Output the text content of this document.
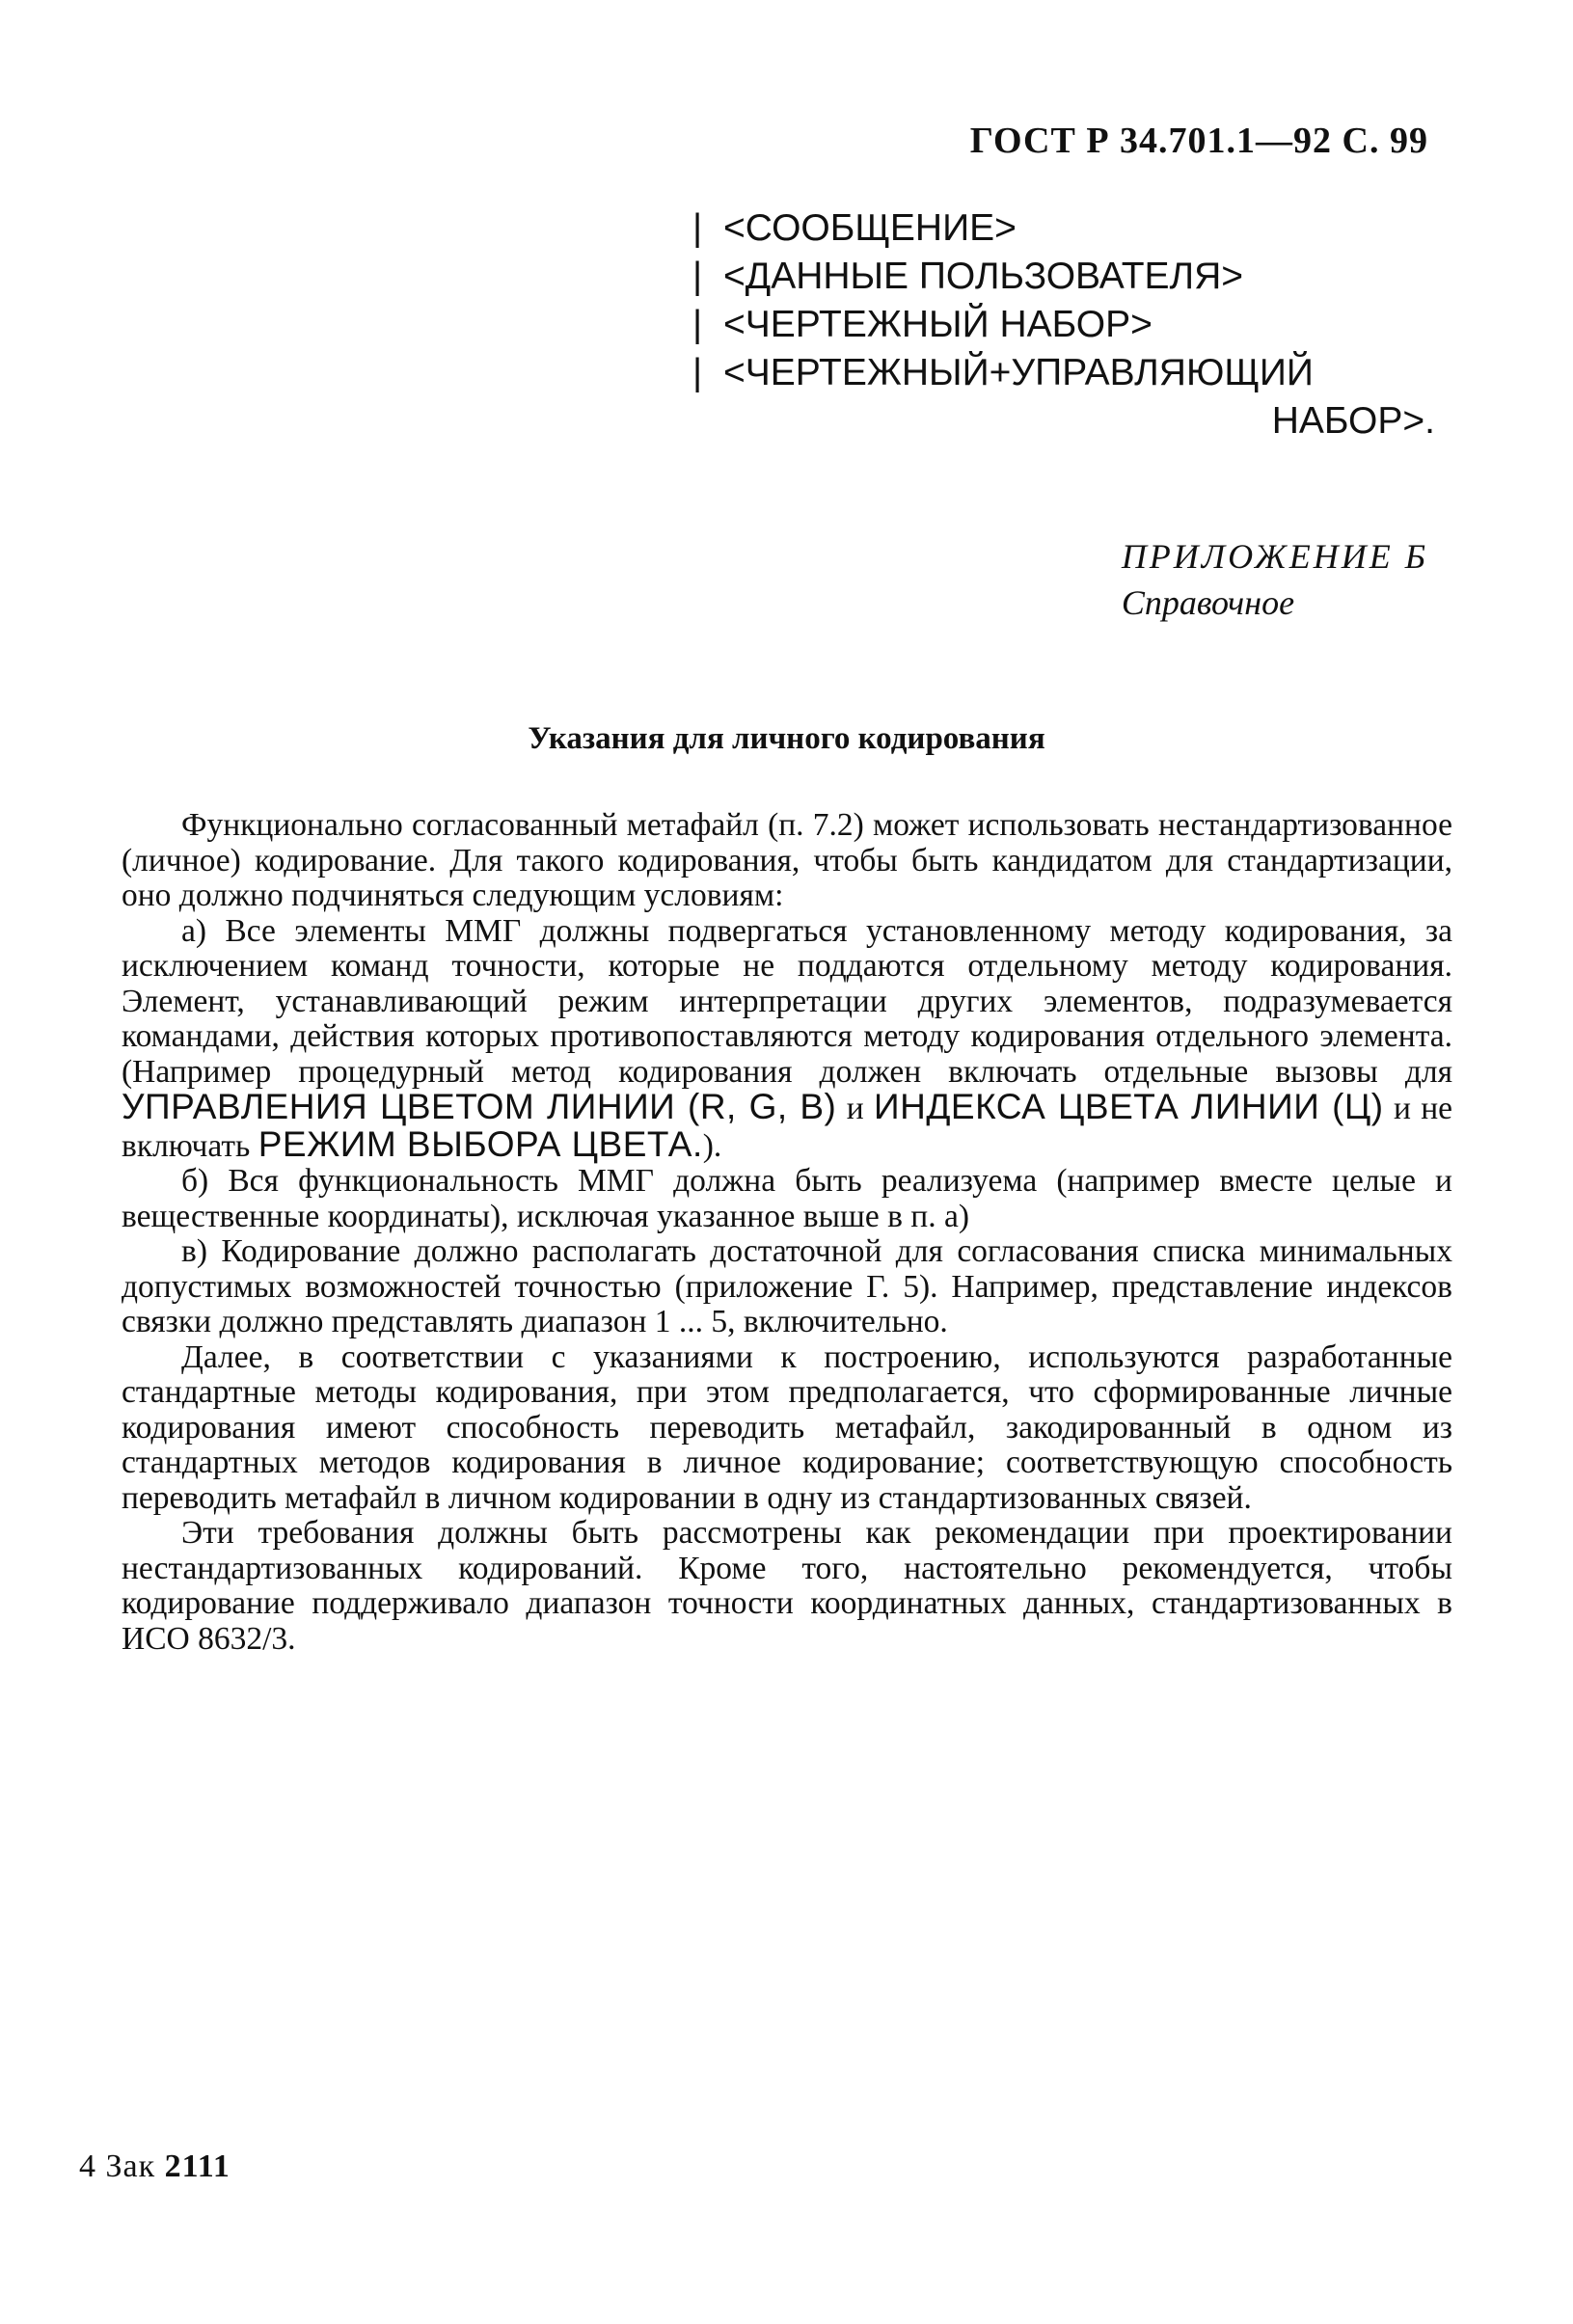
ГОСТ Р 34.701.1—92 С. 99
| <СООБЩЕНИЕ>
| <ДАННЫЕ ПОЛЬЗОВАТЕЛЯ>
| <ЧЕРТЕЖНЫЙ НАБОР>
| <ЧЕРТЕЖНЫЙ+УПРАВЛЯЮЩИЙ
НАБОР>.
ПРИЛОЖЕНИЕ Б
Справочное
Указания для личного кодирования

Функционально согласованный метафайл (п. 7.2) может использовать нестандартизованное (личное) кодирование. Для такого кодирования, чтобы быть кандидатом для стандартизации, оно должно подчиняться следующим условиям:

а) Все элементы ММГ должны подвергаться установленному методу кодирования, за исключением команд точности, которые не поддаются отдельному методу кодирования. Элемент, устанавливающий режим интерпретации других элементов, подразумевается командами, действия которых противопоставляются методу кодирования отдельного элемента. (Например процедурный метод кодирования должен включать отдельные вызовы для УПРАВЛЕНИЯ ЦВЕТОМ ЛИНИИ (R, G, B) и ИНДЕКСА ЦВЕТА ЛИНИИ (Ц) и не включать РЕЖИМ ВЫБОРА ЦВЕТА.).

б) Вся функциональность ММГ должна быть реализуема (например вместе целые и вещественные координаты), исключая указанное выше в п. а)

в) Кодирование должно располагать достаточной для согласования списка минимальных допустимых возможностей точностью (приложение Г. 5). Например, представление индексов связки должно представлять диапазон 1 ... 5, включительно.

Далее, в соответствии с указаниями к построению, используются разработанные стандартные методы кодирования, при этом предполагается, что сформированные личные кодирования имеют способность переводить метафайл, закодированный в одном из стандартных методов кодирования в личное кодирование; соответствующую способность переводить метафайл в личном кодировании в одну из стандартизованных связей.

Эти требования должны быть рассмотрены как рекомендации при проектировании нестандартизованных кодирований. Кроме того, настоятельно рекомендуется, чтобы кодирование поддерживало диапазон точности координатных данных, стандартизованных в ИСО 8632/3.

4 Зак 2111
